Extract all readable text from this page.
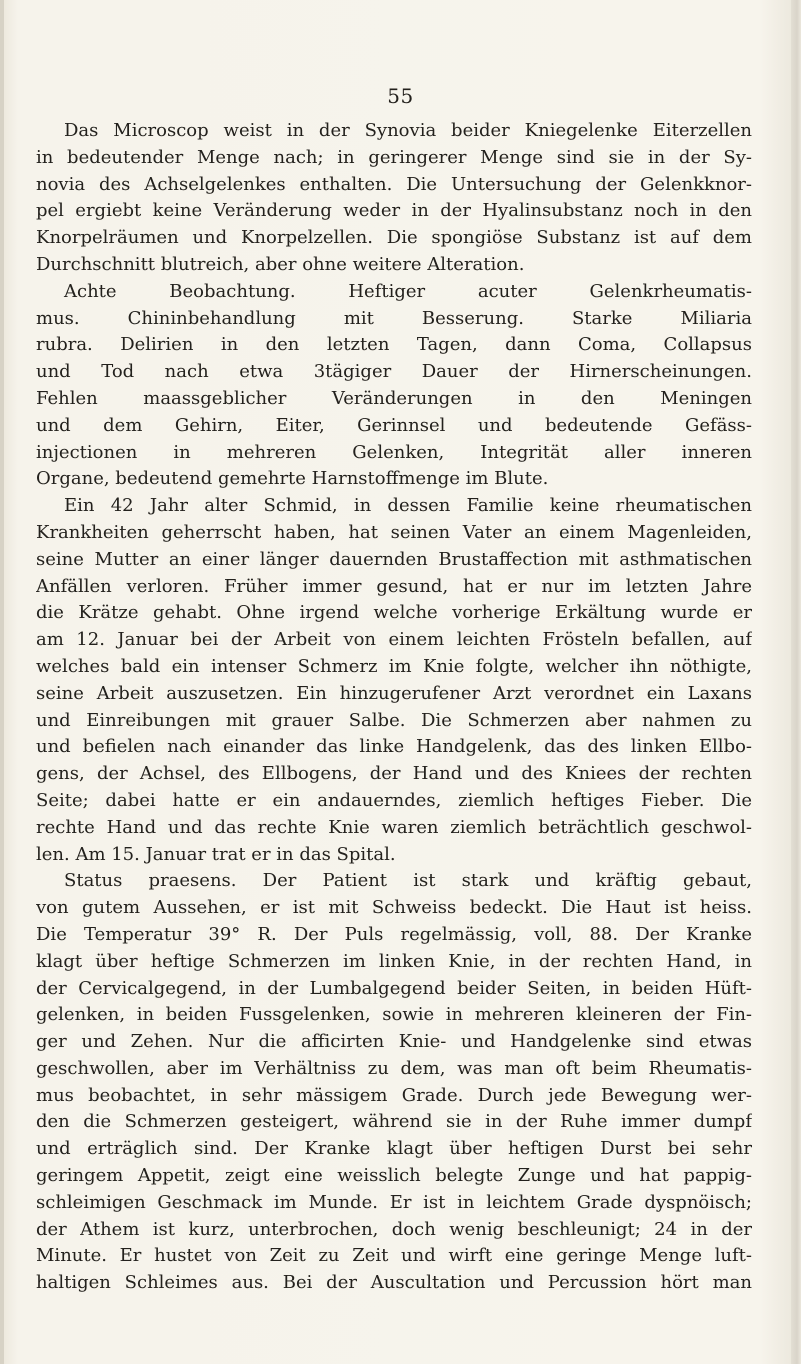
55
Das Microscop weist in der Synovia beider Kniegelenke Eiterzellen
in bedeutender Menge nach; in geringerer Menge sind sie in der Sy-
novia des Achselgelenkes enthalten. Die Untersuchung der Gelenkknor-
pel ergiebt keine Veränderung weder in der Hyalinsubstanz noch in den
Knorpelräumen und Knorpelzellen. Die spongiöse Substanz ist auf dem
Durchschnitt blutreich, aber ohne weitere Alteration.
Achte Beobachtung. Heftiger acuter Gelenkrheumatis-
mus. Chininbehandlung mit Besserung. Starke Miliaria
rubra. Delirien in den letzten Tagen, dann Coma, Collapsus
und Tod nach etwa 3tägiger Dauer der Hirnerscheinungen.
Fehlen maassgeblicher Veränderungen in den Meningen
und dem Gehirn, Eiter, Gerinnsel und bedeutende Gefäss-
injectionen in mehreren Gelenken, Integrität aller inneren
Organe, bedeutend gemehrte Harnstoffmenge im Blute.
Ein 42 Jahr alter Schmid, in dessen Familie keine rheumatischen
Krankheiten geherrscht haben, hat seinen Vater an einem Magenleiden,
seine Mutter an einer länger dauernden Brustaffection mit asthmatischen
Anfällen verloren. Früher immer gesund, hat er nur im letzten Jahre
die Krätze gehabt. Ohne irgend welche vorherige Erkältung wurde er
am 12. Januar bei der Arbeit von einem leichten Frösteln befallen, auf
welches bald ein intenser Schmerz im Knie folgte, welcher ihn nöthigte,
seine Arbeit auszusetzen. Ein hinzugerufener Arzt verordnet ein Laxans
und Einreibungen mit grauer Salbe. Die Schmerzen aber nahmen zu
und befielen nach einander das linke Handgelenk, das des linken Ellbo-
gens, der Achsel, des Ellbogens, der Hand und des Kniees der rechten
Seite; dabei hatte er ein andauerndes, ziemlich heftiges Fieber. Die
rechte Hand und das rechte Knie waren ziemlich beträchtlich geschwol-
len. Am 15. Januar trat er in das Spital.
Status praesens. Der Patient ist stark und kräftig gebaut,
von gutem Aussehen, er ist mit Schweiss bedeckt. Die Haut ist heiss.
Die Temperatur 39° R. Der Puls regelmässig, voll, 88. Der Kranke
klagt über heftige Schmerzen im linken Knie, in der rechten Hand, in
der Cervicalgegend, in der Lumbalgegend beider Seiten, in beiden Hüft-
gelenken, in beiden Fussgelenken, sowie in mehreren kleineren der Fin-
ger und Zehen. Nur die afficirten Knie- und Handgelenke sind etwas
geschwollen, aber im Verhältniss zu dem, was man oft beim Rheumatis-
mus beobachtet, in sehr mässigem Grade. Durch jede Bewegung wer-
den die Schmerzen gesteigert, während sie in der Ruhe immer dumpf
und erträglich sind. Der Kranke klagt über heftigen Durst bei sehr
geringem Appetit, zeigt eine weisslich belegte Zunge und hat pappig-
schleimigen Geschmack im Munde. Er ist in leichtem Grade dyspnöisch;
der Athem ist kurz, unterbrochen, doch wenig beschleunigt; 24 in der
Minute. Er hustet von Zeit zu Zeit und wirft eine geringe Menge luft-
haltigen Schleimes aus. Bei der Auscultation und Percussion hört man
